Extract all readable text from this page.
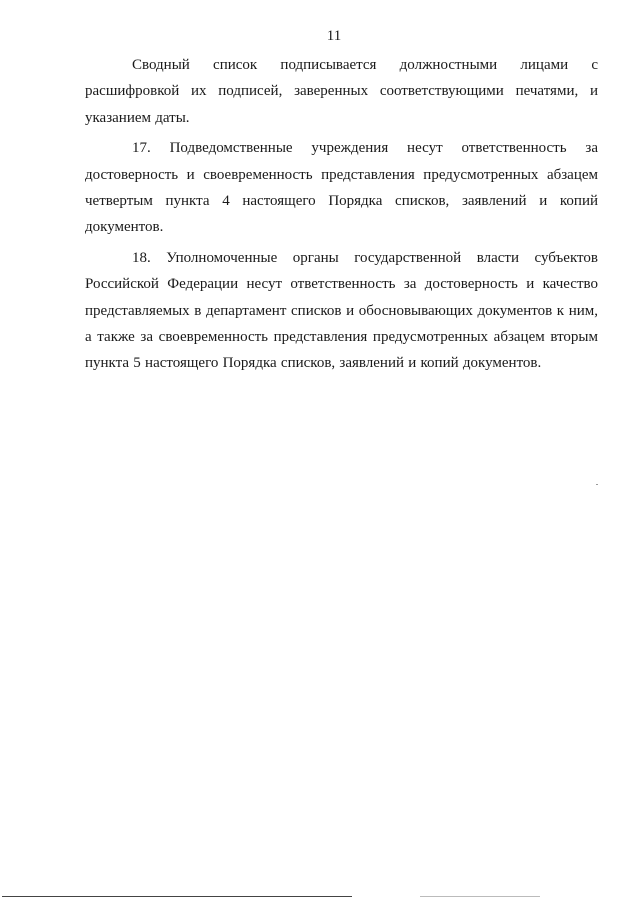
11

Сводный список подписывается должностными лицами с расшифровкой их подписей, заверенных соответствующими печатями, и указанием даты.

17. Подведомственные учреждения несут ответственность за достоверность и своевременность представления предусмотренных абзацем четвертым пункта 4 настоящего Порядка списков, заявлений и копий документов.

18. Уполномоченные органы государственной власти субъектов Российской Федерации несут ответственность за достоверность и качество представляемых в департамент списков и обосновывающих документов к ним, а также за своевременность представления предусмотренных абзацем вторым пункта 5 настоящего Порядка списков, заявлений и копий документов.
